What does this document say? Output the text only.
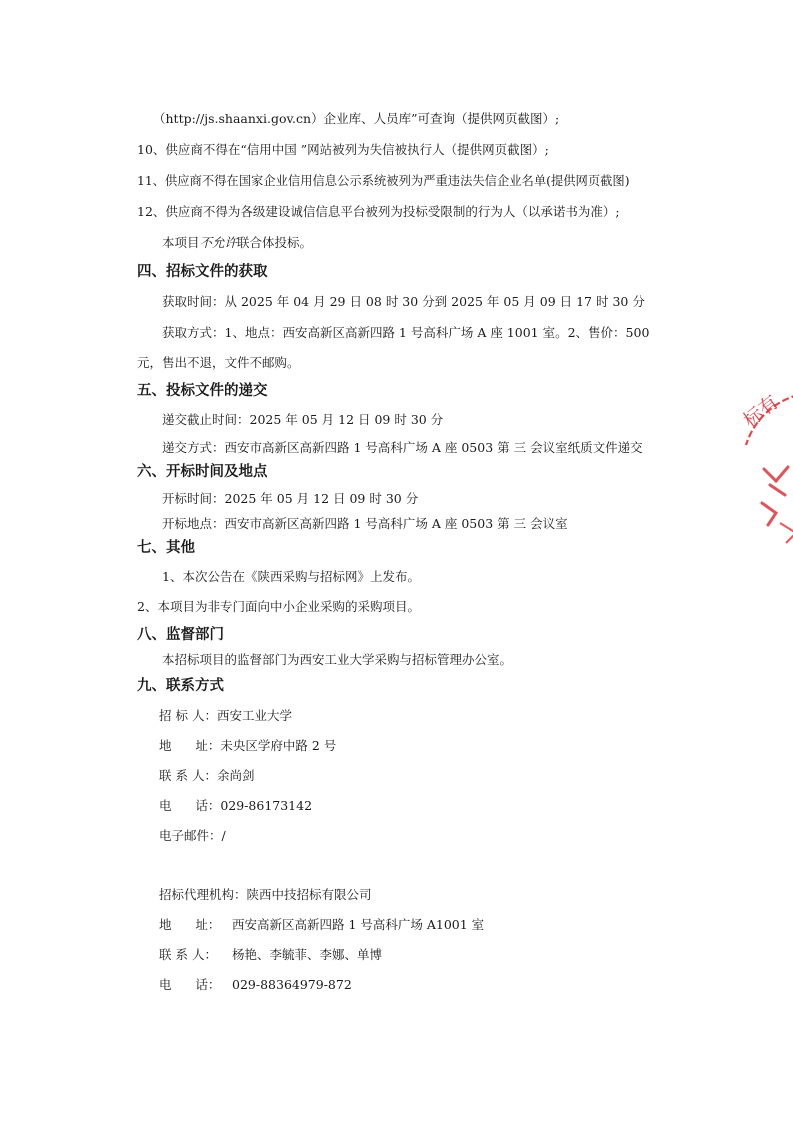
（http://js.shaanxi.gov.cn）企业库、人员库”可查询（提供网页截图）;
10、供应商不得在“信用中国 ”网站被列为失信被执行人（提供网页截图）;
11、供应商不得在国家企业信用信息公示系统被列为严重违法失信企业名单(提供网页截图)
12、供应商不得为各级建设诚信信息平台被列为投标受限制的行为人（以承诺书为准）;
本项目不允许联合体投标。
四、招标文件的获取
获取时间：从 2025 年 04 月 29 日 08 时 30 分到 2025 年 05 月 09 日 17 时 30 分
获取方式：1、地点：西安高新区高新四路 1 号高科广场 A 座 1001 室。2、售价：500
元，售出不退，文件不邮购。
五、投标文件的递交
递交截止时间：2025 年 05 月 12 日 09 时 30 分
递交方式：西安市高新区高新四路 1 号高科广场 A 座 0503 第 三 会议室纸质文件递交
六、开标时间及地点
开标时间：2025 年 05 月 12 日 09 时 30 分
开标地点：西安市高新区高新四路 1 号高科广场 A 座 0503 第 三 会议室
七、其他
1、本次公告在《陕西采购与招标网》上发布。
2、本项目为非专门面向中小企业采购的采购项目。
八、监督部门
本招标项目的监督部门为西安工业大学采购与招标管理办公室。
九、联系方式
招 标 人：西安工业大学
地      址：未央区学府中路 2 号
联 系 人：余尚剑
电      话：029-86173142
电子邮件：/
招标代理机构：陕西中技招标有限公司
地      址： 西安高新区高新四路 1 号高科广场 A1001 室
联 系 人： 杨艳、李毓菲、李娜、单博
电      话： 029-88364979-872
标有
